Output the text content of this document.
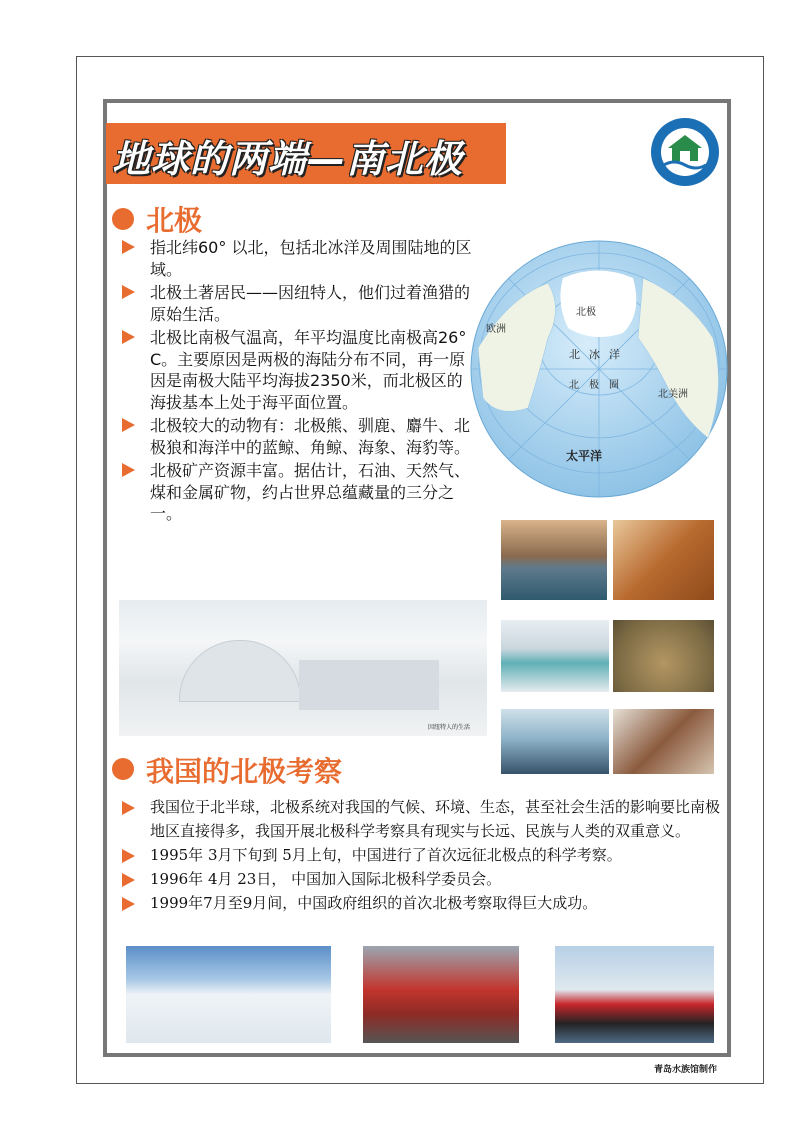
地球的两端—南北极
北极
指北纬60° 以北，包括北冰洋及周围陆地的区域。
北极土著居民——因纽特人，他们过着渔猎的原始生活。
北极比南极气温高，年平均温度比南极高26° C。主要原因是两极的海陆分布不同，再一原因是南极大陆平均海拔2350米，而北极区的海拔基本上处于海平面位置。
北极较大的动物有：北极熊、驯鹿、麝牛、北极狼和海洋中的蓝鲸、角鲸、海象、海豹等。
北极矿产资源丰富。据估计，石油、天然气、煤和金属矿物，约占世界总蕴藏量的三分之一。
北极
欧洲
北 冰 洋
北 极 圈
北美洲
太平洋
因纽特人的生活
我国的北极考察
我国位于北半球，北极系统对我国的气候、环境、生态，甚至社会生活的影响要比南极地区直接得多，我国开展北极科学考察具有现实与长远、民族与人类的双重意义。
1995年 3月下旬到 5月上旬，中国进行了首次远征北极点的科学考察。
1996年 4月 23日， 中国加入国际北极科学委员会。
1999年7月至9月间，中国政府组织的首次北极考察取得巨大成功。
青岛水族馆制作
